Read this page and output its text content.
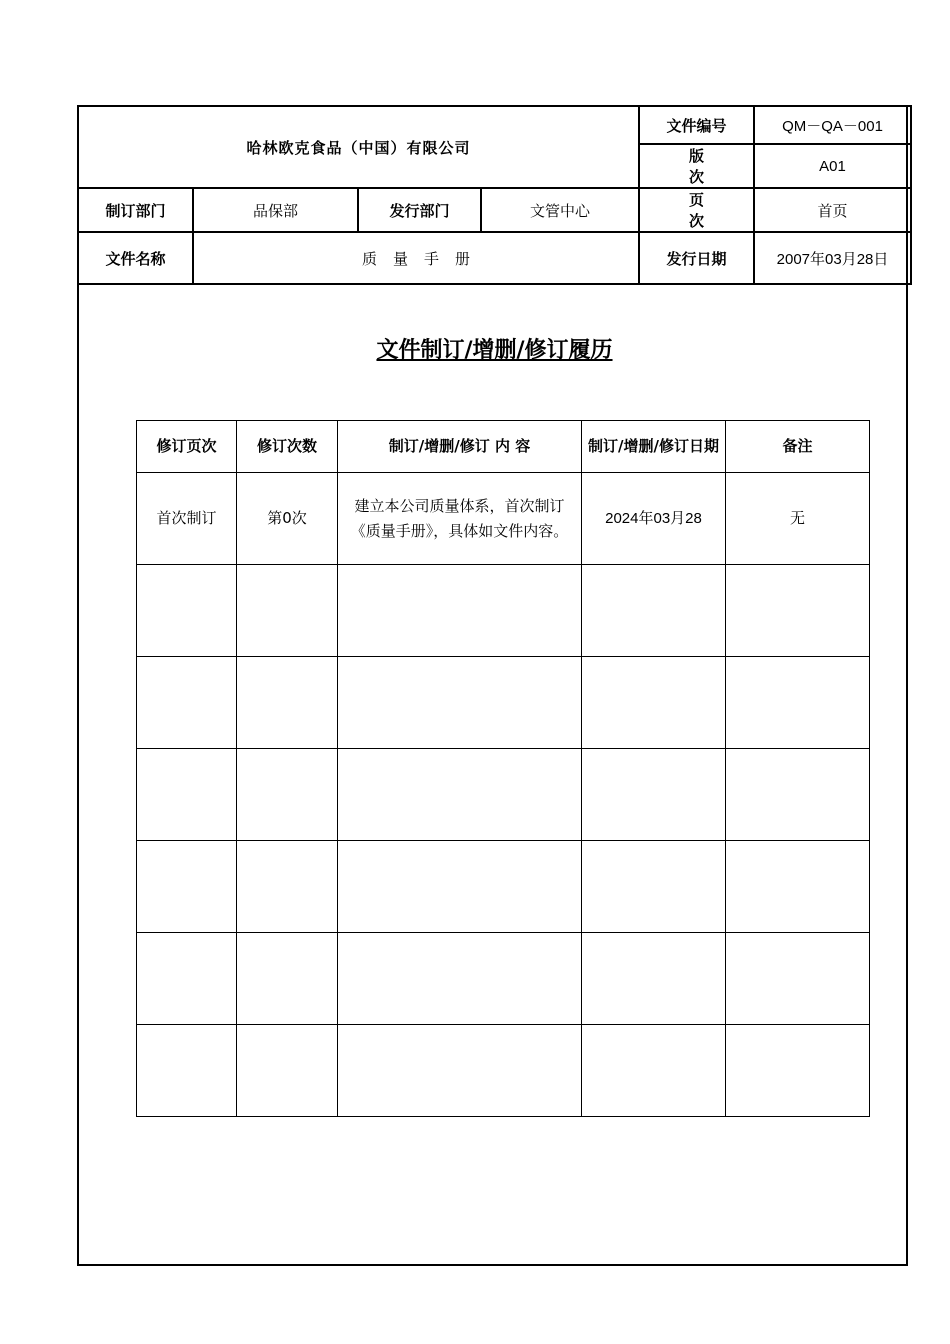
哈林欧克食品（中国）有限公司				文件编号	QM－QA－001
				版 次	A01
制订部门	品保部	发行部门	文管中心	页 次	首页
文件名称	质量手册			发行日期	2007年03月28日
文件制订/增删/修订履历
修订页次	修订次数	制订/增删/修订 内 容	制订/增删/修订日期	备注
首次制订	第0次	建立本公司质量体系，首次制订《质量手册》，具体如文件内容。	2024年03月28	无
